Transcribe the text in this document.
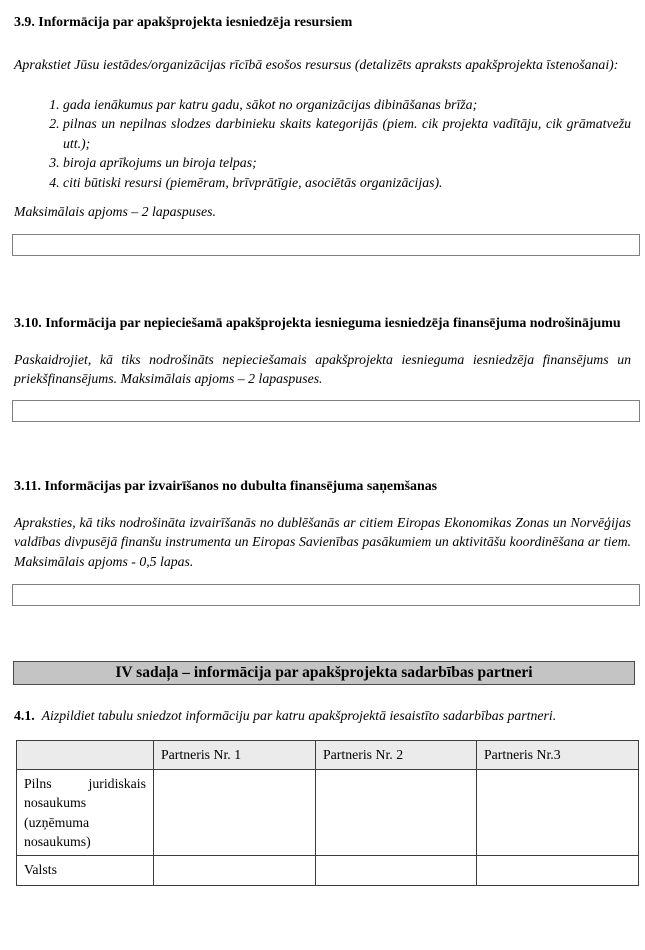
3.9. Informācija par apakšprojekta iesniedzēja resursiem

Aprakstiet Jūsu iestādes/organizācijas rīcībā esošos resursus (detalizēts apraksts apakšprojekta īstenošanai):

1. gada ienākumus par katru gadu, sākot no organizācijas dibināšanas brīža;
2. pilnas un nepilnas slodzes darbinieku skaits kategorijās (piem. cik projekta vadītāju, cik grāmatvežu utt.);
3. biroja aprīkojums un biroja telpas;
4. citi būtiski resursi (piemēram, brīvprātīgie, asociētās organizācijas).

Maksimālais apjoms – 2 lapaspuses.

3.10. Informācija par nepieciešamā apakšprojekta iesnieguma iesniedzēja finansējuma nodrošinājumu

Paskaidrojiet, kā tiks nodrošināts nepieciešamais apakšprojekta iesnieguma iesniedzēja finansējums un priekšfinansējums. Maksimālais apjoms – 2 lapaspuses.

3.11. Informācijas par izvairīšanos no dubulta finansējuma saņemšanas

Apraksties, kā tiks nodrošināta izvairīšanās no dublēšanās ar citiem Eiropas Ekonomikas Zonas un Norvēģijas valdības divpusējā finanšu instrumenta un Eiropas Savienības pasākumiem un aktivitāšu koordinēšana ar tiem. Maksimālais apjoms - 0,5 lapas.

IV sadaļa – informācija par apakšprojekta sadarbības partneri

4.1. Aizpildiet tabulu sniedzot informāciju par katru apakšprojektā iesaistīto sadarbības partneri.

	Partneris Nr. 1	Partneris Nr. 2	Partneris Nr.3
Pilns juridiskais nosaukums (uzņēmuma nosaukums)			
Valsts			
